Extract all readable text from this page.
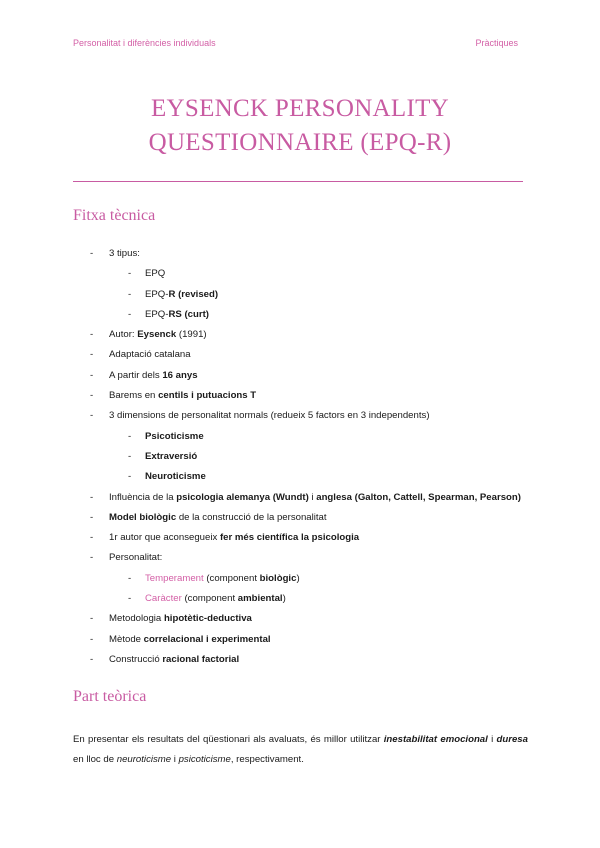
Personalitat i diferències individuals	Pràctiques
EYSENCK PERSONALITY
QUESTIONNAIRE (EPQ-R)
Fitxa tècnica
- 3 tipus:
- EPQ
- EPQ-R (revised)
- EPQ-RS (curt)
- Autor: Eysenck (1991)
- Adaptació catalana
- A partir dels 16 anys
- Barems en centils i putuacions T
- 3 dimensions de personalitat normals (redueix 5 factors en 3 independents)
- Psicoticisme
- Extraversió
- Neuroticisme
- Influència de la psicologia alemanya (Wundt) i anglesa (Galton, Cattell, Spearman, Pearson)
- Model biològic de la construcció de la personalitat
- 1r autor que aconsegueix fer més científica la psicologia
- Personalitat:
- Temperament (component biològic)
- Caràcter (component ambiental)
- Metodologia hipotètic-deductiva
- Mètode correlacional i experimental
- Construcció racional factorial
Part teòrica

En presentar els resultats del qüestionari als avaluats, és millor utilitzar inestabilitat emocional i duresa en lloc de neuroticisme i psicoticisme, respectivament.
